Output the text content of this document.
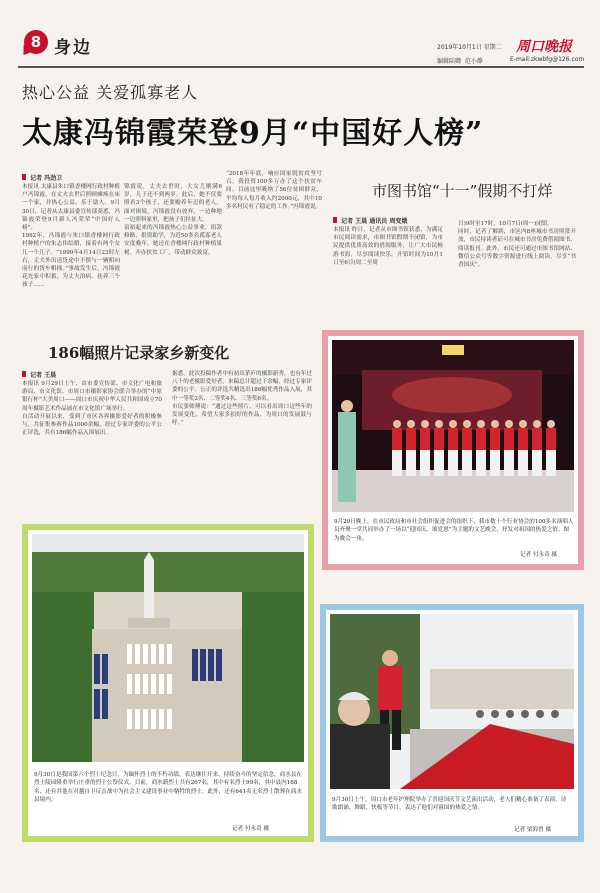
8 身边	2019年10月1日 星期二 周口晚报
编辑陆卿 范小静	E-mail:zkwbfg@126.com
热心公益 关爱孤寡老人
太康冯锦霞荣登9月“中国好人榜”
记者 冯劲卫
本报讯 太康县朱口镇香楼网行政村种植户冯锦霞，在丈夫去世后照顾瘫痪在床一个家，并热心公益、乐于助人。9月30日，记者从太康县委宣传部获悉，冯锦霞荣登9月新人冯荣荣“中国好人榜”。
1992年，冯锦霞与朱口镇香楼网行政村种植户的朱志伟结婚，接着有两个女儿一个儿子。“1999年4月14日23时左右，丈夫外出送货途中不慎与一辆相向而行的货车相撞。”事故发生后，冯锦霞花光家中积蓄，为丈夫治病、抚养三个孩子……
锦霞说，丈夫去世时，大女儿刚满6岁，儿子还不到两岁。此后，她不仅要照看3个孩子，还要赡养年迈的老人。面对困境，冯锦霞没有放弃，一边种地一边照料家里，把孩子们拉扯大。
富裕起来的冯锦霞热心公益事业，捐款修路、捐资助学，为近50多名孤寡老人安度晚年。她还在香楼网行政村种植果树、开办扶贫工厂，带动群众致富。
“2018年年底，响应国家脱贫攻坚号召，我投资100多万办了这个扶贫车间。目前这里吸纳了56位贫困群众，平均每人每月收入约2000元，其中10多名村民有了稳定的工作。”冯锦霞说。
市图书馆“十一”假期不打烊
记者 王晨 通讯员 周变娥
本报讯 昨日，记者从市图书馆获悉，为满足市民阅读需求，市图书馆假期不闭馆，为市民提供优质高效的借阅服务，让广大市民畅游书海，尽享阅读快乐。开馆时间为10月1日至6日(周二至周
日)9时至17时，10月7日(周一)闭馆。
同时，记者了解到，市区内8座城市书房照常开放，市民持读者证可在城市书房免费借阅图书、阅读报刊。此外，市民还可通过市图书馆网站、微信公众号等数字资源进行线上阅读，尽享“书香国庆”。
9月29日晚上，在市民政局和市社会组织促进会的组织下，我市数十个行业协会的100多名演唱人员齐聚一堂共同举办了一场以“迎国庆、颂党恩”为主题的文艺晚会，抒发对祖国的热爱之情。图为晚会一角。
记者 付永奇 摄
186幅照片记录家乡新变化
记者 王晨
本报讯 9月29日上午，由市委宣传部、市文化广电和旅游局、市文化馆、市周口市摄影家协会联合举办的“中原银行杯”大美周口——周口市庆祝中华人民共和国成立70周年摄影艺术作品展在市文化馆广场举行。
自活动开展以来，受到了市区各界摄影爱好者的积极参与，共征集参赛作品1000余幅，经过专家评委的公平公正评选，共有186幅作品入围展出。
据悉，此次投稿作者中有初出茅庐的摄影新秀，也有年过八十的老摄影爱好者，来稿总计超过千余幅，经过专家评委的公平、公正的评选共精选出186幅优秀作品入展，其中一等奖2名、二等奖4名、三等奖6名。
市民张师傅说：“通过这些照片，可以看出周口这些年的发展变化，希望大家多拍好的作品，为周口的发展鼓与呼。”
9月30日是我国第六个烈士纪念日，为缅怀烈士的不朽功绩，表达继往开来、持续奋斗的坚定信念，商水县在烈士陵园隆重举行庄重的烈士公祭仪式。目前，商水籍烈士共有267名，其中有名烈士99名，其中县内168名，还有其他在对越自卫反击战中为社会主义建设事业中牺牲的烈士。此外，还有641名无名烈士散葬在商水县境内。
记者 付永奇 摄
9月30日上午，周口市老年护理院举办了喜迎国庆节文艺演出活动，老人们精心准备了表演、诗歌朗诵、舞蹈、快板等节目，表达了他们对祖国的热爱之情。
记者 梁海曾 摄
